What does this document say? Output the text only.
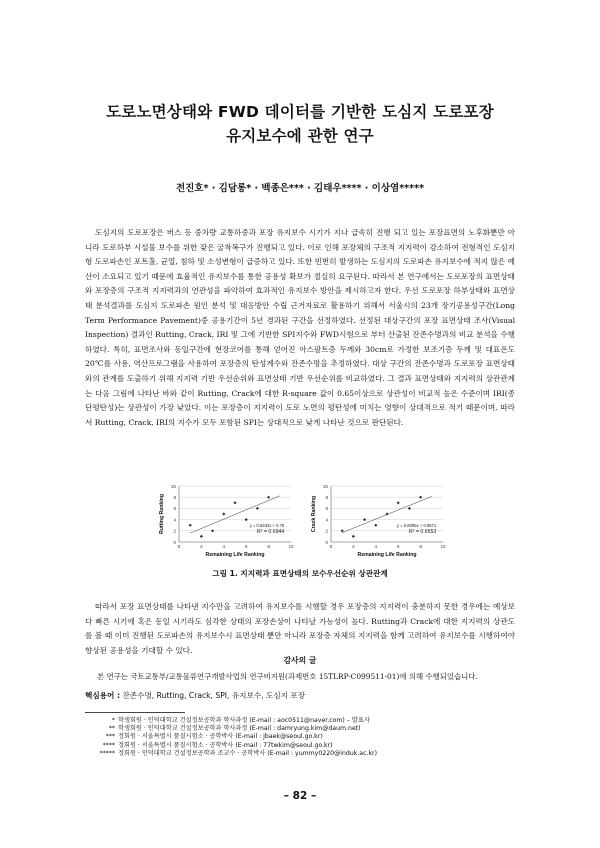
도로노면상태와 FWD 데이터를 기반한 도심지 도로포장
유지보수에 관한 연구
전진호* · 김담롱* · 백종은*** · 김태우**** · 이상염*****

도심지의 도로포장은 버스 등 중차량 교통하중과 포장 유지보수 시기가 지나 급속히 진행 되고 있는 포장표면의 노후화뿐만 아니라 도로하부 시설물 보수를 위한 잦은 굴착복구가 진행되고 있다. 이로 인해 포장체의 구조적 지지력이 감소하여 전형적인 도심지형 도로파손인 포트홀, 균열, 침하 및 소성변형이 급증하고 있다. 또한 빈번히 발생하는 도심지의 도로파손 유지보수에 적지 않은 예산이 소요되고 있기 때문에 효율적인 유지보수를 통한 공용성 확보가 절실히 요구된다. 따라서 본 연구에서는 도로포장의 표면상태와 포장층의 구조적 지지력과의 연관성을 파악하여 효과적인 유지보수 방안을 제시하고자 한다. 우선 도로포장 하부상태와 표면상태 분석결과를 도심지 도로파손 원인 분석 및 대응방안 수립 근거자료로 활용하기 위해서 서울시의 23개 장기공용성구간(Long Term Performance Pavement)중 공용기간이 5년 경과된 구간을 선정하였다. 선정된 대상구간의 포장 표면상태 조사(Visual Inspection) 결과인 Rutting, Crack, IRI 및 그에 기반한 SPI지수와 FWD시험으로 부터 산출된 잔존수명과의 비교 분석을 수행하였다. 특히, 표면조사와 동일구간에 현장코어를 통해 얻어진 아스팔트층 두께와 30cm로 가정한 보조기층 두께 및 대표온도 20℃를 사용, 역산프로그램을 사용하여 포장층의 탄성계수와 잔존수명을 추정하였다. 대상 구간의 잔존수명과 도로포장 표면상태와의 관계를 도출하기 위해 지지력 기반 우선순위와 표면상태 기반 우선순위를 비교하였다. 그 결과 표면상태와 지지력의 상관관계는 다음 그림에 나타난 바와 같이 Rutting, Crack에 대한 R-square 값이 0.65이상으로 상관성이 비교적 높은 수준이며 IRI(종단평탄성)는 상관성이 가장 낮았다. 이는 포장층이 지지력이 도로 노면의 평탄성에 미치는 영향이 상대적으로 적기 때문이며, 따라서 Rutting, Crack, IRI의 지수가 모두 포함된 SPI는 상대적으로 낮게 나타난 것으로 판단된다.

0
2
4
6
8
10
0	2	4	6	8	10
y = 0.8333x + 0.75
R² = 0.6944
Remaining Life Ranking
Rutting Ranking
0
2
4
6
8
10
0	2	4	6	8	10
y = 0.8095x + 0.8571
R² = 0.6553
Remaining Life Ranking
Crack Ranking
그림 1. 지지력과 표면상태의 보수우선순위 상관관계

따라서 포장 표면상태를 나타낸 지수만을 고려하여 유지보수를 시행할 경우 포장층의 지지력이 충분하지 못한 경우에는 예상보다 빠른 시기에 혹은 동일 시기라도 심각한 상태의 포장손상이 나타날 가능성이 높다. Rutting과 Crack에 대한 지지력의 상관도를 볼 때 이미 진행된 도로파손의 유지보수시 표면상태 뿐만 아니라 포장층 자체의 지지력을 함께 고려하여 유지보수를 시행하여야 향상된 공용성을 기대할 수 있다.

감사의 글
본 연구는 국토교통부/교통물류연구개발사업의 연구비지원(과제번호 15TLRP-C099511-01)에 의해 수행되었습니다.
핵심용어 : 잔존수명, Rutting, Crack, SPI, 유지보수, 도심지 포장
* 학생회원 · 인덕대학교 건설정보공학과 학사과정 (E-mail : aoc0511@naver.com) – 발표자
** 학생회원 · 인덕대학교 건설정보공학과 학사과정 (E-mail : damryung.kim@daum.net)
*** 정회원 · 서울특별시 품질시험소 · 공학박사 (E-mail : jbaek@seoul.go.kr)
**** 정회원 · 서울특별시 품질시험소 · 공학박사 (E-mail : 77twkim@seoul.go.kr)
***** 정회원 · 인덕대학교 건설정보공학과 조교수 · 공학박사 (E-mail : yummy0220@induk.ac.kr)
– 82 –
